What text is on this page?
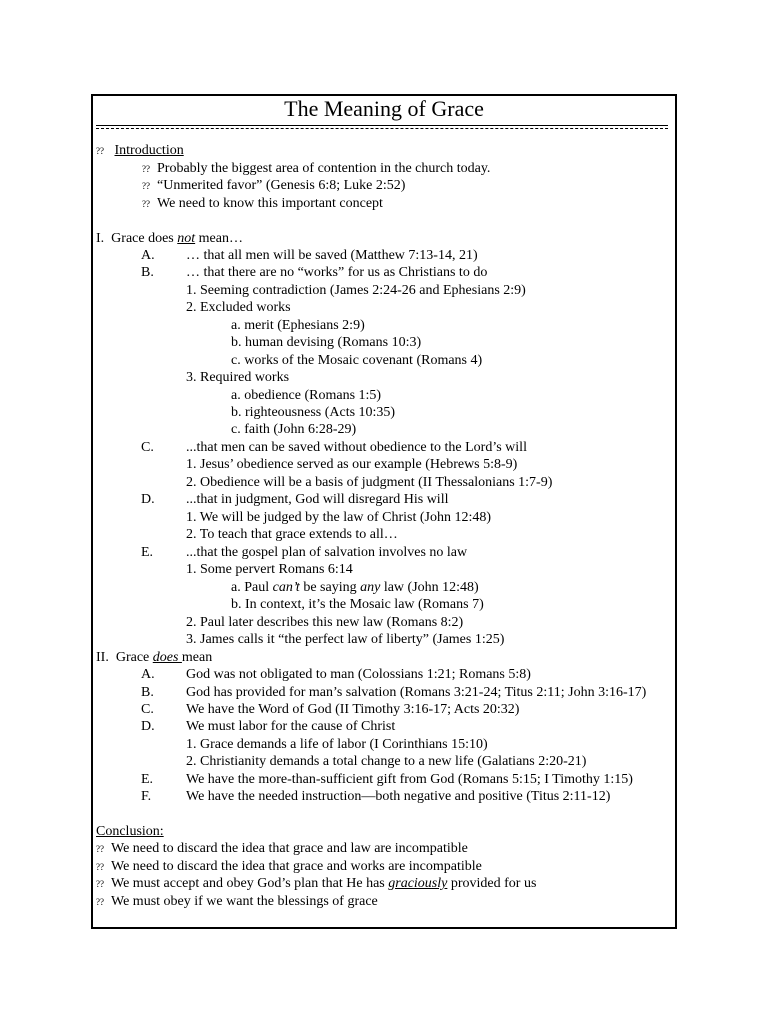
The Meaning of Grace
?? Introduction
?? Probably the biggest area of contention in the church today.
?? “Unmerited favor” (Genesis 6:8; Luke 2:52)
?? We need to know this important concept
I. Grace does not mean…
A. … that all men will be saved (Matthew 7:13-14, 21)
B. … that there are no “works” for us as Christians to do
1. Seeming contradiction (James 2:24-26 and Ephesians 2:9)
2. Excluded works
a. merit (Ephesians 2:9)
b. human devising (Romans 10:3)
c. works of the Mosaic covenant (Romans 4)
3. Required works
a. obedience (Romans 1:5)
b. righteousness (Acts 10:35)
c. faith (John 6:28-29)
C. ...that men can be saved without obedience to the Lord’s will
1. Jesus’ obedience served as our example (Hebrews 5:8-9)
2. Obedience will be a basis of judgment (II Thessalonians 1:7-9)
D. ...that in judgment, God will disregard His will
1. We will be judged by the law of Christ (John 12:48)
2. To teach that grace extends to all…
E. ...that the gospel plan of salvation involves no law
1. Some pervert Romans 6:14
a. Paul can’t be saying any law (John 12:48)
b. In context, it’s the Mosaic law (Romans 7)
2. Paul later describes this new law (Romans 8:2)
3. James calls it “the perfect law of liberty” (James 1:25)
II. Grace does mean
A. God was not obligated to man (Colossians 1:21; Romans 5:8)
B. God has provided for man’s salvation (Romans 3:21-24; Titus 2:11; John 3:16-17)
C. We have the Word of God (II Timothy 3:16-17; Acts 20:32)
D. We must labor for the cause of Christ
1. Grace demands a life of labor (I Corinthians 15:10)
2. Christianity demands a total change to a new life (Galatians 2:20-21)
E. We have the more-than-sufficient gift from God (Romans 5:15; I Timothy 1:15)
F. We have the needed instruction—both negative and positive (Titus 2:11-12)
Conclusion:
?? We need to discard the idea that grace and law are incompatible
?? We need to discard the idea that grace and works are incompatible
?? We must accept and obey God’s plan that He has graciously provided for us
?? We must obey if we want the blessings of grace
